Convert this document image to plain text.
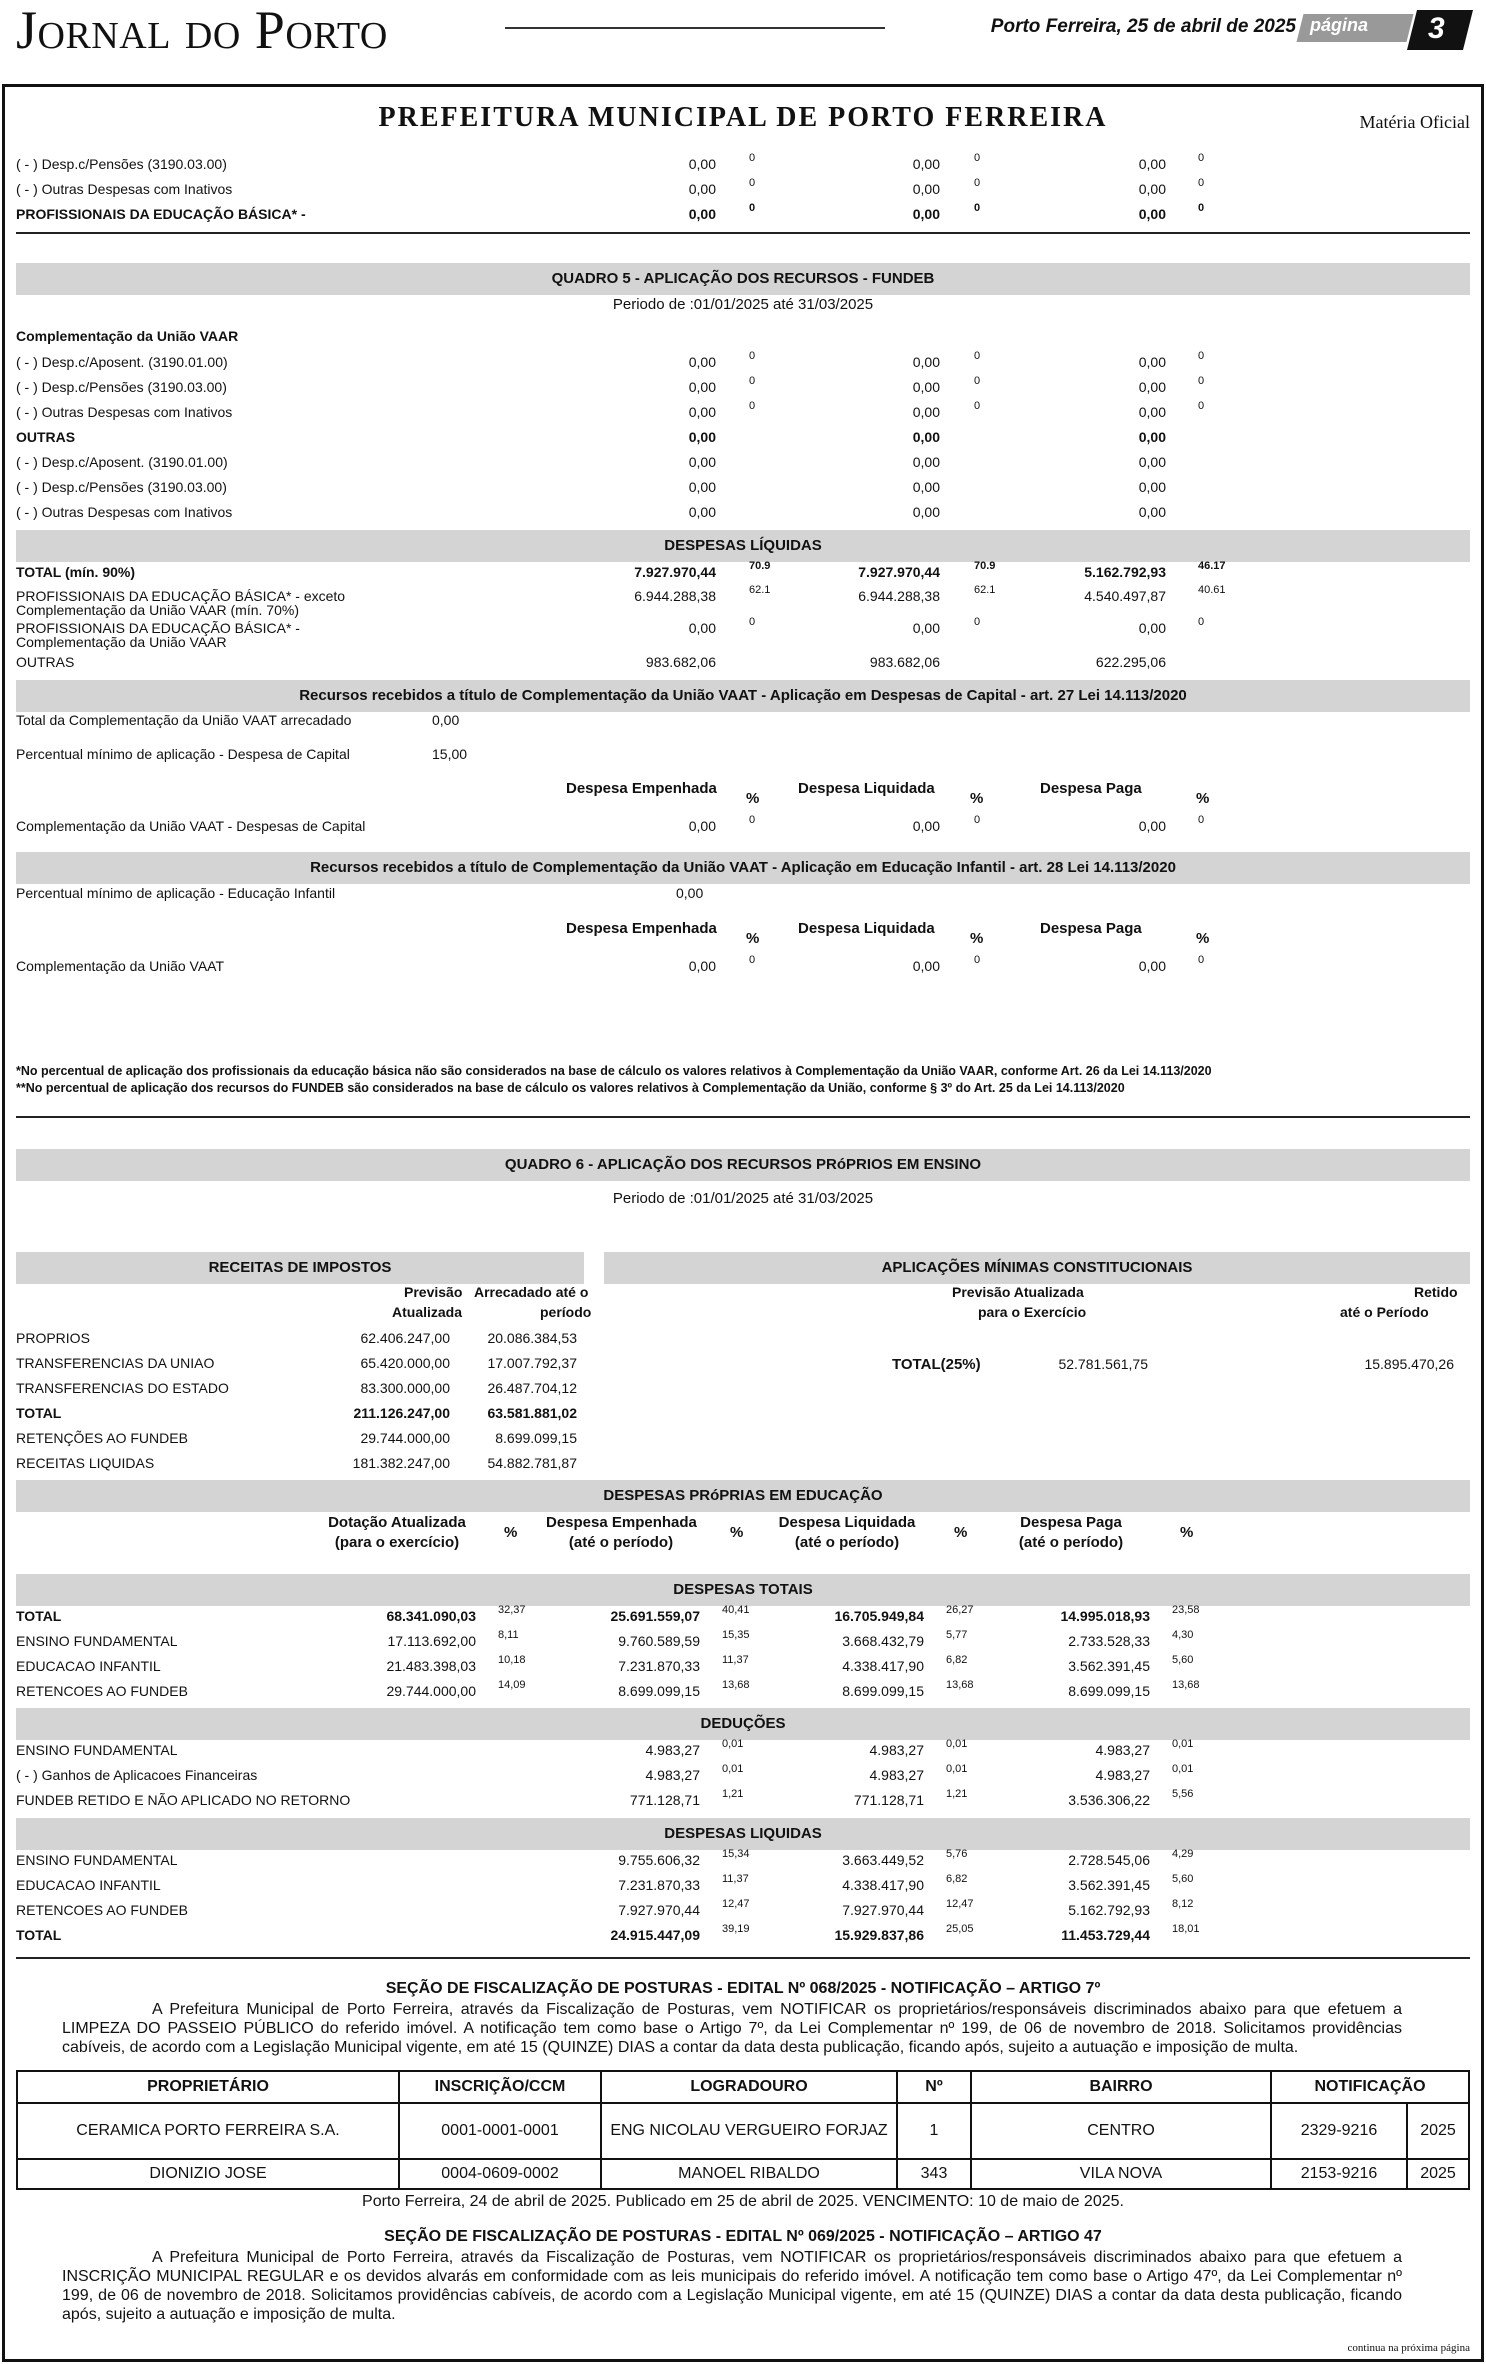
Jornal do Porto	Porto Ferreira, 25 de abril de 2025 página 3
PREFEITURA MUNICIPAL DE PORTO FERREIRA	Matéria Oficial
( - ) Desp.c/Pensões (3190.03.00)	0,00	0	0,00	0	0,00	0
( - ) Outras Despesas com Inativos	0,00	0	0,00	0	0,00	0
PROFISSIONAIS DA EDUCAÇÃO BÁSICA* -	0,00	0	0,00	0	0,00	0
QUADRO 5 - APLICAÇÃO DOS RECURSOS - FUNDEB
Periodo de :01/01/2025 até 31/03/2025
Complementação da União VAAR
( - ) Desp.c/Aposent. (3190.01.00)	0,00	0	0,00	0	0,00	0
( - ) Desp.c/Pensões (3190.03.00)	0,00	0	0,00	0	0,00	0
( - ) Outras Despesas com Inativos	0,00	0	0,00	0	0,00	0
OUTRAS	0,00	0,00	0,00
( - ) Desp.c/Aposent. (3190.01.00)	0,00	0,00	0,00
( - ) Desp.c/Pensões (3190.03.00)	0,00	0,00	0,00
( - ) Outras Despesas com Inativos	0,00	0,00	0,00
DESPESAS LÍQUIDAS
TOTAL (mín. 90%)	7.927.970,44	70.9	7.927.970,44	70.9	5.162.792,93	46.17
PROFISSIONAIS DA EDUCAÇÃO BÁSICA* - exceto
Complementação da União VAAR (mín. 70%)
6.944.288,38	62.1	6.944.288,38	62.1	4.540.497,87	40.61
PROFISSIONAIS DA EDUCAÇÃO BÁSICA* -
Complementação da União VAAR
0,00	0	0,00	0	0,00	0
OUTRAS	983.682,06	983.682,06	622.295,06
Recursos recebidos a título de Complementação da União VAAT - Aplicação em Despesas de Capital - art. 27 Lei 14.113/2020
Total da Complementação da União VAAT arrecadado	0,00
Percentual mínimo de aplicação - Despesa de Capital	15,00
Despesa Empenhada
%
Despesa Liquidada
%
Despesa Paga
%
Complementação da União VAAT - Despesas de Capital	0,00	0	0,00	0	0,00	0
Recursos recebidos a título de Complementação da União VAAT - Aplicação em Educação Infantil - art. 28 Lei 14.113/2020
Percentual mínimo de aplicação - Educação Infantil	0,00
Despesa Empenhada
%
Despesa Liquidada
%
Despesa Paga
%
Complementação da União VAAT	0,00	0	0,00	0	0,00	0
*No percentual de aplicação dos profissionais da educação básica não são considerados na base de cálculo os valores relativos à Complementação da União VAAR, conforme Art. 26 da Lei 14.113/2020
**No percentual de aplicação dos recursos do FUNDEB são considerados na base de cálculo os valores relativos à Complementação da União, conforme § 3º do Art. 25 da Lei 14.113/2020
QUADRO 6 - APLICAÇÃO DOS RECURSOS PRóPRIOS EM ENSINO
Periodo de :01/01/2025 até 31/03/2025
RECEITAS DE IMPOSTOS	APLICAÇÕES MÍNIMAS CONSTITUCIONAIS
Previsão
Atualizada
Arrecadado até o
período
Previsão Atualizada
para o Exercício
Retido
até o Período
PROPRIOS	62.406.247,00	20.086.384,53
TRANSFERENCIAS DA UNIAO	65.420.000,00	17.007.792,37
TRANSFERENCIAS DO ESTADO	83.300.000,00	26.487.704,12
TOTAL	211.126.247,00	63.581.881,02
RETENÇÕES AO FUNDEB	29.744.000,00	8.699.099,15
RECEITAS LIQUIDAS	181.382.247,00	54.882.781,87
TOTAL(25%)	52.781.561,75	15.895.470,26
DESPESAS PRóPRIAS EM EDUCAÇÃO
Dotação Atualizada
(para o exercício)
Despesa Empenhada
(até o período)
Despesa Liquidada
(até o período)
Despesa Paga
(até o período)
%	%	%	%
DESPESAS TOTAIS
TOTAL	68.341.090,03 32,37	25.691.559,07 40,41	16.705.949,84 26,27	14.995.018,93 23,58
ENSINO FUNDAMENTAL	17.113.692,00 8,11	9.760.589,59 15,35	3.668.432,79 5,77	2.733.528,33 4,30
EDUCACAO INFANTIL	21.483.398,03 10,18	7.231.870,33 11,37	4.338.417,90 6,82	3.562.391,45 5,60
RETENCOES AO FUNDEB	29.744.000,00 14,09	8.699.099,15 13,68	8.699.099,15 13,68	8.699.099,15 13,68
DEDUÇÕES
ENSINO FUNDAMENTAL	4.983,27 0,01	4.983,27 0,01	4.983,27 0,01
( - ) Ganhos de Aplicacoes Financeiras	4.983,27 0,01	4.983,27 0,01	4.983,27 0,01
FUNDEB RETIDO E NÃO APLICADO NO RETORNO	771.128,71 1,21	771.128,71 1,21	3.536.306,22 5,56
DESPESAS LIQUIDAS
ENSINO FUNDAMENTAL	9.755.606,32 15,34	3.663.449,52 5,76	2.728.545,06 4,29
EDUCACAO INFANTIL	7.231.870,33 11,37	4.338.417,90 6,82	3.562.391,45 5,60
RETENCOES AO FUNDEB	7.927.970,44 12,47	7.927.970,44 12,47	5.162.792,93 8,12
TOTAL	24.915.447,09 39,19	15.929.837,86 25,05	11.453.729,44 18,01
SEÇÃO DE FISCALIZAÇÃO DE POSTURAS - EDITAL Nº 068/2025 - NOTIFICAÇÃO – ARTIGO 7º
A Prefeitura Municipal de Porto Ferreira, através da Fiscalização de Posturas, vem NOTIFICAR os proprietários/responsáveis discriminados abaixo para que efetuem a LIMPEZA DO PASSEIO PÚBLICO do referido imóvel. A notificação tem como base o Artigo 7º, da Lei Complementar nº 199, de 06 de novembro de 2018. Solicitamos providências cabíveis, de acordo com a Legislação Municipal vigente, em até 15 (QUINZE) DIAS a contar da data desta publicação, ficando após, sujeito a autuação e imposição de multa.
PROPRIETÁRIO	INSCRIÇÃO/CCM	LOGRADOURO	Nº	BAIRRO	NOTIFICAÇÃO	
CERAMICA PORTO FERREIRA S.A.	0001-0001-0001	ENG NICOLAU VERGUEIRO FORJAZ	1	CENTRO	2329-9216	2025
DIONIZIO JOSE	0004-0609-0002	MANOEL RIBALDO	343	VILA NOVA	2153-9216	2025
Porto Ferreira, 24 de abril de 2025. Publicado em 25 de abril de 2025. VENCIMENTO: 10 de maio de 2025.
SEÇÃO DE FISCALIZAÇÃO DE POSTURAS - EDITAL Nº 069/2025 - NOTIFICAÇÃO – ARTIGO 47
A Prefeitura Municipal de Porto Ferreira, através da Fiscalização de Posturas, vem NOTIFICAR os proprietários/responsáveis discriminados abaixo para que efetuem a INSCRIÇÃO MUNICIPAL REGULAR e os devidos alvarás em conformidade com as leis municipais do referido imóvel. A notificação tem como base o Artigo 47º, da Lei Complementar nº 199, de 06 de novembro de 2018. Solicitamos providências cabíveis, de acordo com a Legislação Municipal vigente, em até 15 (QUINZE) DIAS a contar da data desta publicação, ficando após, sujeito a autuação e imposição de multa.
continua na próxima página
